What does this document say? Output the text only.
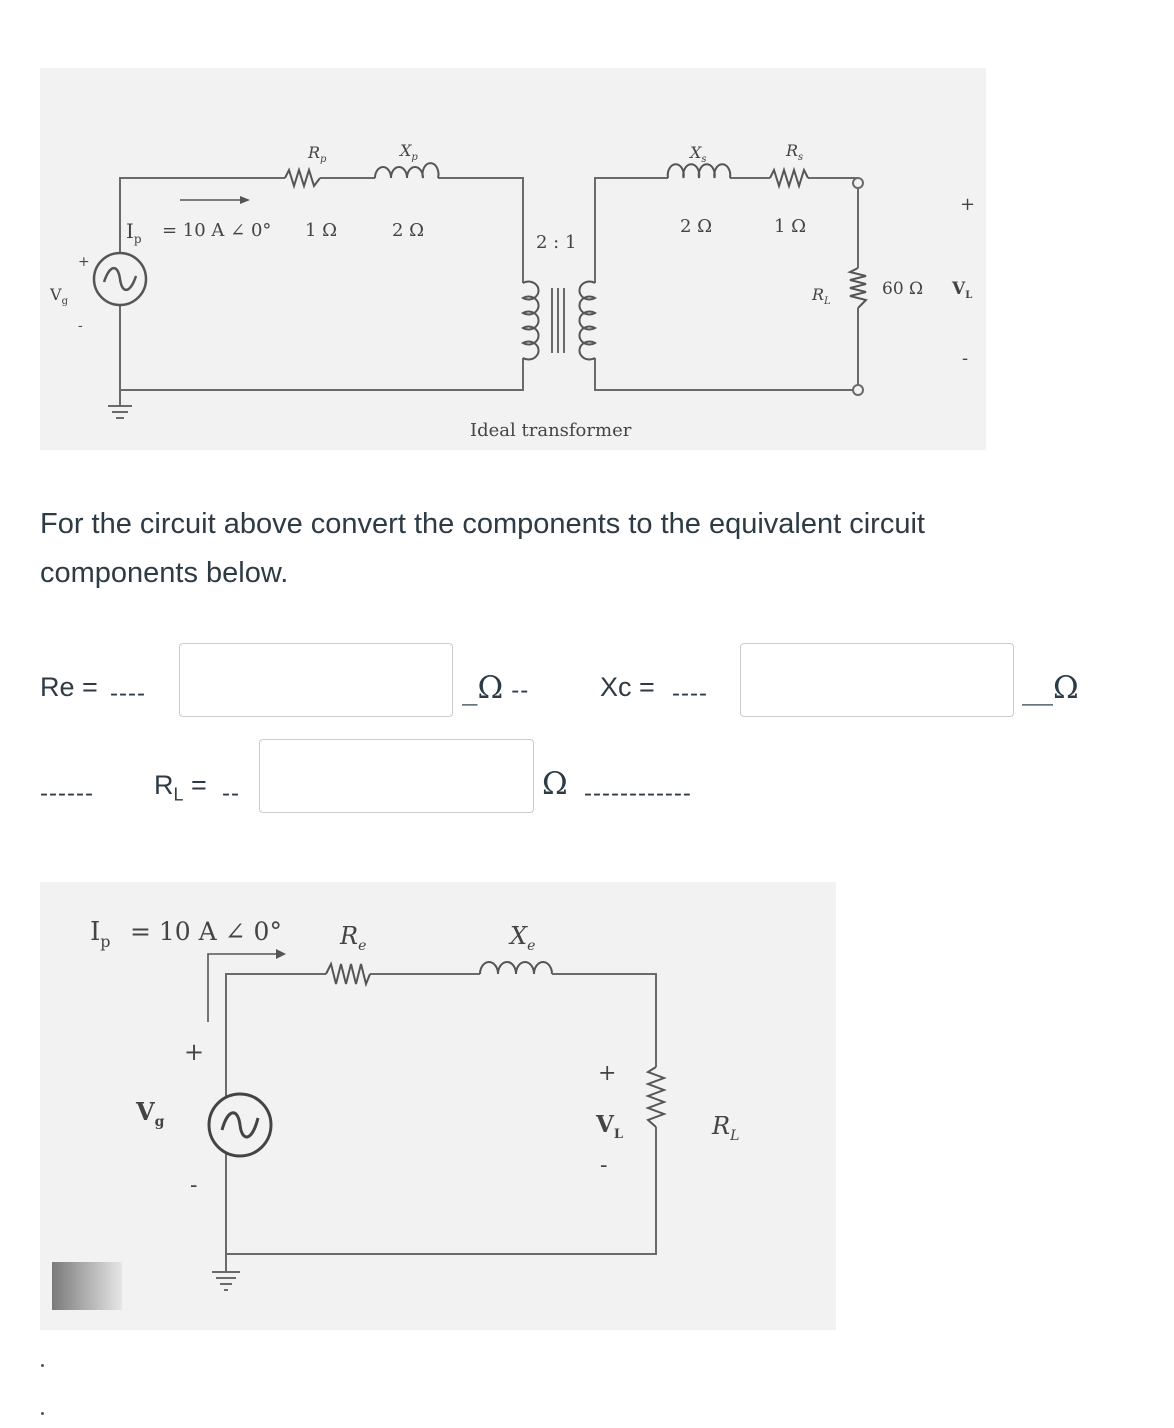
$I_p = 10$ A ∠ 0°
$R_p$
1 Ω
$X_p$
2 Ω
2 : 1
$X_s$
2 Ω
$R_s$
1 Ω
$R_L$
60 Ω $V_L$
+
-
$V_g$
+
-
Ideal transformer
For the circuit above convert the components to the equivalent circuit components below.
Re = ----	_Ω --	Xc = ----	__Ω
------ $R_L$ = --	Ω ------------
$I_p = 10$ A ∠ 0° $R_e$	$X_e$
+
$V_g$
-
+
$V_L$
-
$R_L$
